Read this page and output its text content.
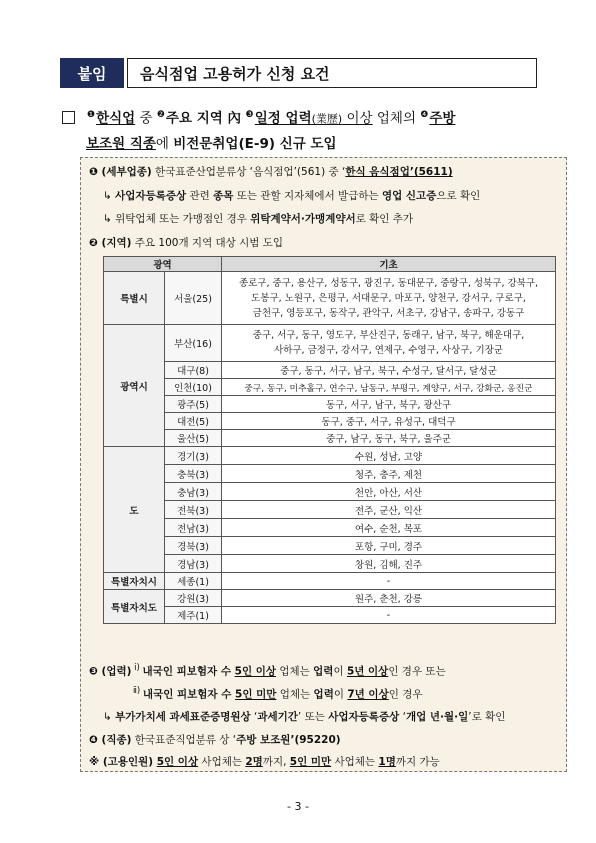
붙임	음식점업 고용허가 신청 요건
$^❶$한식업 중 $^❷$주요 지역 內 $^❸$일정 업력(業歷) 이상 업체의 $^❹$주방
보조원 직종에 비전문취업(E-9) 신규 도입
❶ (세부업종) 한국표준산업분류상 ‘음식점업’(561) 중 ‘한식 음식점업’(5611)
↳ 사업자등록증상 관련 종목 또는 관할 지자체에서 발급하는 영업 신고증으로 확인
↳ 위탁업체 또는 가맹점인 경우 위탁계약서·가맹계약서로 확인 추가
❷ (지역) 주요 100개 지역 대상 시범 도입
광역		기초
특별시	서울(25)	종로구, 중구, 용산구, 성동구, 광진구, 동대문구, 중랑구, 성북구, 강북구,
도봉구, 노원구, 은평구, 서대문구, 마포구, 양천구, 강서구, 구로구,
금천구, 영등포구, 동작구, 관악구, 서초구, 강남구, 송파구, 강동구

광역시	부산(16)	중구, 서구, 동구, 영도구, 부산진구, 동래구, 남구, 북구, 해운대구,
사하구, 금정구, 강서구, 연제구, 수영구, 사상구, 기장군

	대구(8)	중구, 동구, 서구, 남구, 북구, 수성구, 달서구, 달성군
	인천(10)	중구, 동구, 미추홀구, 연수구, 남동구, 부평구, 계양구, 서구, 강화군, 옹진군
	광주(5)	동구, 서구, 남구, 북구, 광산구
	대전(5)	동구, 중구, 서구, 유성구, 대덕구
	울산(5)	중구, 남구, 동구, 북구, 울주군
도	경기(3)	수원, 성남, 고양
	충북(3)	청주, 충주, 제천
	충남(3)	천안, 아산, 서산
	전북(3)	전주, 군산, 익산
	전남(3)	여수, 순천, 목포
	경북(3)	포항, 구미, 경주
	경남(3)	창원, 김해, 진주
특별자치시	세종(1)	-
특별자치도	강원(3)	원주, 춘천, 강릉
	제주(1)	-
❸ (업력) $^{ⅰ)}$ 내국인 피보험자 수 5인 이상 업체는 업력이 5년 이상인 경우 또는
$^{ⅱ)}$ 내국인 피보험자 수 5인 미만 업체는 업력이 7년 이상인 경우
↳ 부가가치세 과세표준증명원상 ‘과세기간’ 또는 사업자등록증상 ‘개업 년·월·일’로 확인
❹ (직종) 한국표준직업분류 상 ‘주방 보조원’(95220)
※ (고용인원) 5인 이상 사업체는 2명까지, 5인 미만 사업체는 1명까지 가능
- 3 -
